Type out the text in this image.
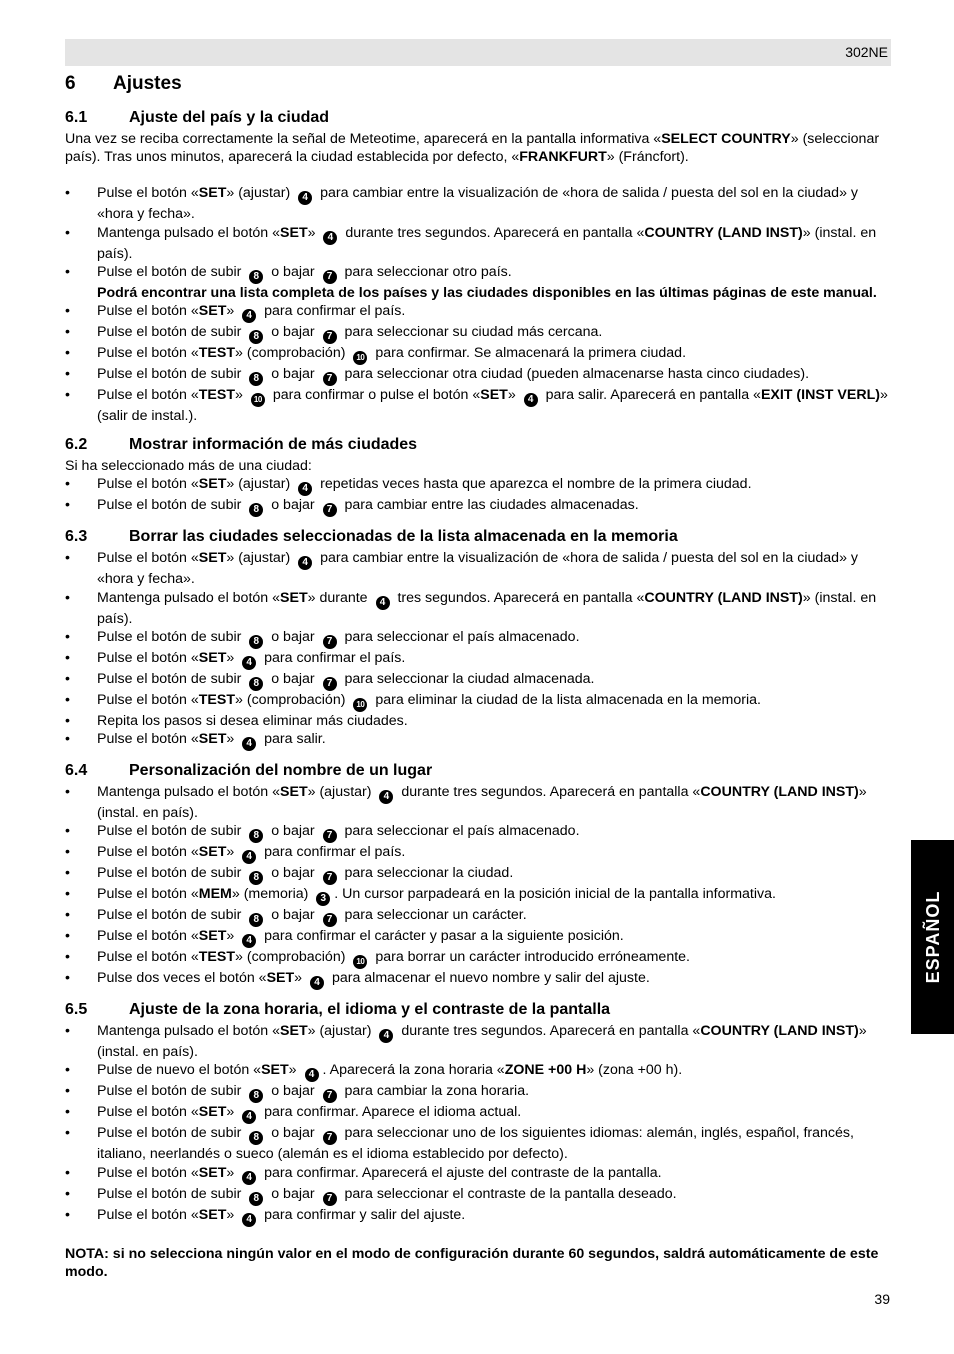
302NE
ESPAÑOL
6 Ajustes
6.1	Ajuste del país y la ciudad

Una vez se reciba correctamente la señal de Meteotime, aparecerá en la pantalla informativa «SELECT COUNTRY» (seleccionar país). Tras unos minutos, aparecerá la ciudad establecida por defecto, «FRANKFURT» (Fráncfort).

• Pulse el botón «SET» (ajustar) 4 para cambiar entre la visualización de «hora de salida / puesta del sol en la ciudad» y «hora y fecha».
• Mantenga pulsado el botón «SET» 4 durante tres segundos. Aparecerá en pantalla «COUNTRY (LAND INST)» (instal. en país).
• Pulse el botón de subir 8 o bajar 7 para seleccionar otro país.
Podrá encontrar una lista completa de los países y las ciudades disponibles en las últimas páginas de este manual.
• Pulse el botón «SET» 4 para confirmar el país.
• Pulse el botón de subir 8 o bajar 7 para seleccionar su ciudad más cercana.
• Pulse el botón «TEST» (comprobación) 10 para confirmar. Se almacenará la primera ciudad.
• Pulse el botón de subir 8 o bajar 7 para seleccionar otra ciudad (pueden almacenarse hasta cinco ciudades).
• Pulse el botón «TEST» 10 para confirmar o pulse el botón «SET» 4 para salir. Aparecerá en pantalla «EXIT (INST VERL)» (salir de instal.).
6.2	Mostrar información de más ciudades

Si ha seleccionado más de una ciudad:

• Pulse el botón «SET» (ajustar) 4 repetidas veces hasta que aparezca el nombre de la primera ciudad.
• Pulse el botón de subir 8 o bajar 7 para cambiar entre las ciudades almacenadas.
6.3	Borrar las ciudades seleccionadas de la lista almacenada en la memoria
• Pulse el botón «SET» (ajustar) 4 para cambiar entre la visualización de «hora de salida / puesta del sol en la ciudad» y «hora y fecha».
• Mantenga pulsado el botón «SET» durante 4 tres segundos. Aparecerá en pantalla «COUNTRY (LAND INST)» (instal. en país).
• Pulse el botón de subir 8 o bajar 7 para seleccionar el país almacenado.
• Pulse el botón «SET» 4 para confirmar el país.
• Pulse el botón de subir 8 o bajar 7 para seleccionar la ciudad almacenada.
• Pulse el botón «TEST» (comprobación) 10 para eliminar la ciudad de la lista almacenada en la memoria.
• Repita los pasos si desea eliminar más ciudades.
• Pulse el botón «SET» 4 para salir.
6.4	Personalización del nombre de un lugar
• Mantenga pulsado el botón «SET» (ajustar) 4 durante tres segundos. Aparecerá en pantalla «COUNTRY (LAND INST)» (instal. en país).
• Pulse el botón de subir 8 o bajar 7 para seleccionar el país almacenado.
• Pulse el botón «SET» 4 para confirmar el país.
• Pulse el botón de subir 8 o bajar 7 para seleccionar la ciudad.
• Pulse el botón «MEM» (memoria) 3 . Un cursor parpadeará en la posición inicial de la pantalla informativa.
• Pulse el botón de subir 8 o bajar 7 para seleccionar un carácter.
• Pulse el botón «SET» 4 para confirmar el carácter y pasar a la siguiente posición.
• Pulse el botón «TEST» (comprobación) 10 para borrar un carácter introducido erróneamente.
• Pulse dos veces el botón «SET» 4 para almacenar el nuevo nombre y salir del ajuste.
6.5	Ajuste de la zona horaria, el idioma y el contraste de la pantalla
• Mantenga pulsado el botón «SET» (ajustar) 4 durante tres segundos. Aparecerá en pantalla «COUNTRY (LAND INST)» (instal. en país).
• Pulse de nuevo el botón «SET» 4 . Aparecerá la zona horaria «ZONE +00 H» (zona +00 h).
• Pulse el botón de subir 8 o bajar 7 para cambiar la zona horaria.
• Pulse el botón «SET» 4 para confirmar. Aparece el idioma actual.
• Pulse el botón de subir 8 o bajar 7 para seleccionar uno de los siguientes idiomas: alemán, inglés, español, francés, italiano, neerlandés o sueco (alemán es el idioma establecido por defecto).
• Pulse el botón «SET» 4 para confirmar. Aparecerá el ajuste del contraste de la pantalla.
• Pulse el botón de subir 8 o bajar 7 para seleccionar el contraste de la pantalla deseado.
• Pulse el botón «SET» 4 para confirmar y salir del ajuste.
NOTA: si no selecciona ningún valor en el modo de configuración durante 60 segundos, saldrá automáticamente de este modo.
39
